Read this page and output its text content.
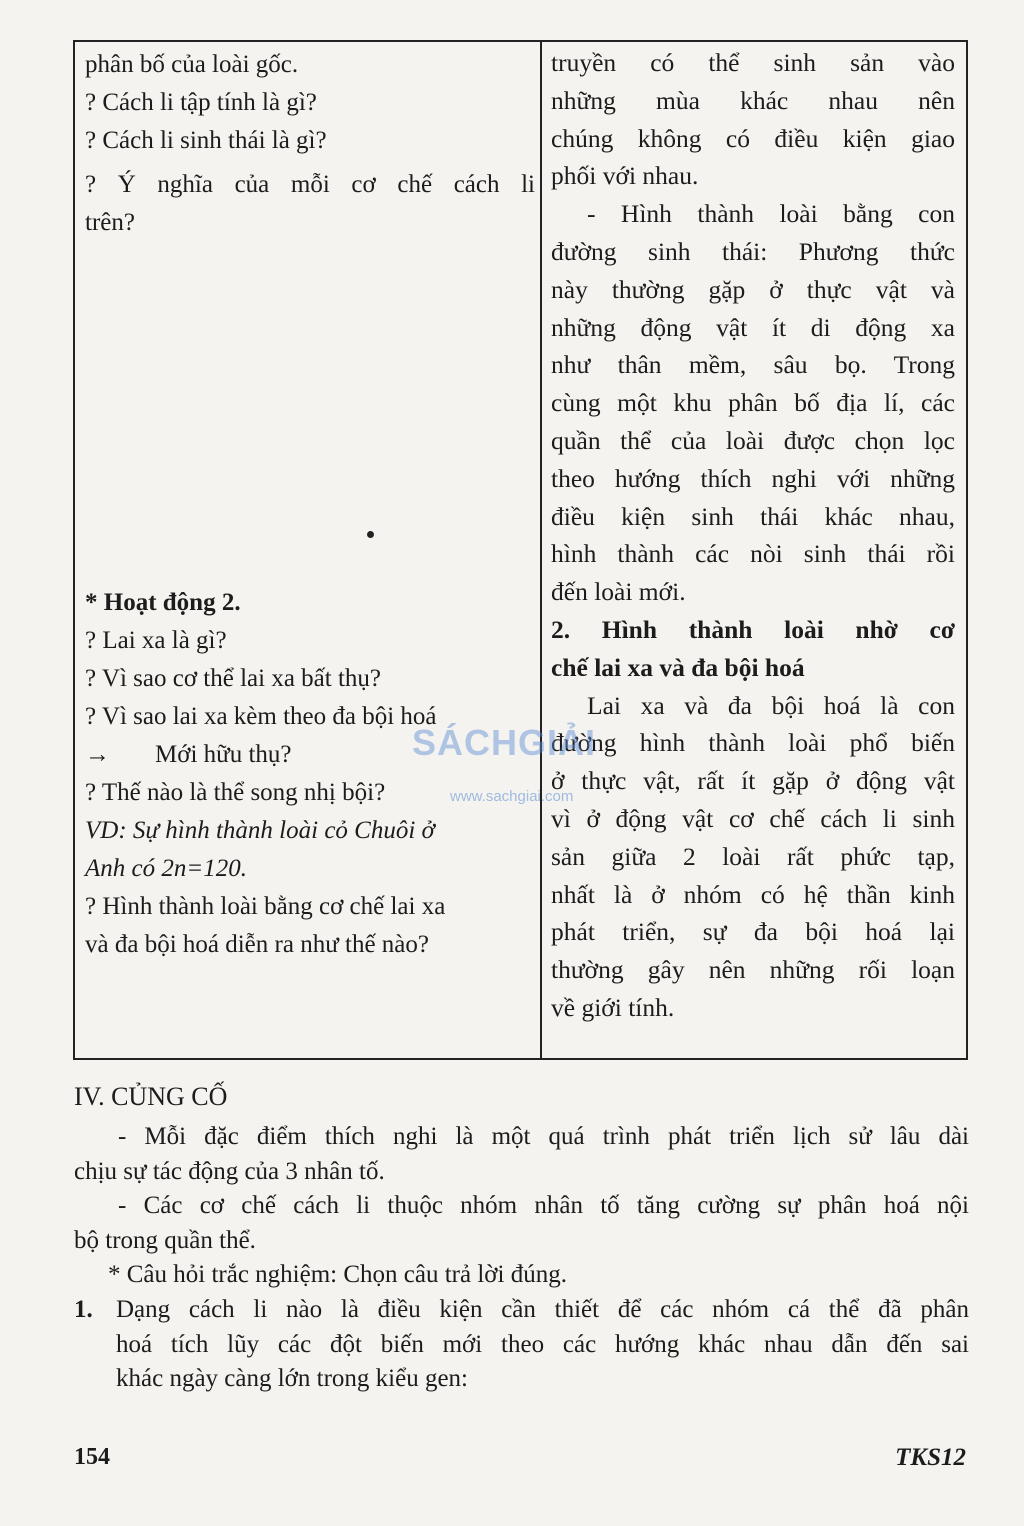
phân bố của loài gốc.
? Cách li tập tính là gì?
? Cách li sinh thái là gì?
? Ý nghĩa của mỗi cơ chế cách li
trên?
* Hoạt động 2.
? Lai xa là gì?
? Vì sao cơ thể lai xa bất thụ?
? Vì sao lai xa kèm theo đa bội hoá
→ Mới hữu thụ?
? Thế nào là thể song nhị bội?
VD: Sự hình thành loài cỏ Chuôi ở
Anh có 2n=120.
? Hình thành loài bằng cơ chế lai xa
và đa bội hoá diễn ra như thế nào?
truyền có thể sinh sản vào
những mùa khác nhau nên
chúng không có điều kiện giao
phối với nhau.
- Hình thành loài bằng con
đường sinh thái: Phương thức
này thường gặp ở thực vật và
những động vật ít di động xa
như thân mềm, sâu bọ. Trong
cùng một khu phân bố địa lí, các
quần thể của loài được chọn lọc
theo hướng thích nghi với những
điều kiện sinh thái khác nhau,
hình thành các nòi sinh thái rồi
đến loài mới.
2. Hình thành loài nhờ cơ
chế lai xa và đa bội hoá
Lai xa và đa bội hoá là con
đường hình thành loài phổ biến
ở thực vật, rất ít gặp ở động vật
vì ở động vật cơ chế cách li sinh
sản giữa 2 loài rất phức tạp,
nhất là ở nhóm có hệ thần kinh
phát triển, sự đa bội hoá lại
thường gây nên những rối loạn
về giới tính.
SÁCHGIẢI
www.sachgiai.com
IV. CỦNG CỐ
- Mỗi đặc điểm thích nghi là một quá trình phát triển lịch sử lâu dài
chịu sự tác động của 3 nhân tố.
- Các cơ chế cách li thuộc nhóm nhân tố tăng cường sự phân hoá nội
bộ trong quần thể.
* Câu hỏi trắc nghiệm: Chọn câu trả lời đúng.
1. Dạng cách li nào là điều kiện cần thiết để các nhóm cá thể đã phân
hoá tích lũy các đột biến mới theo các hướng khác nhau dẫn đến sai
khác ngày càng lớn trong kiểu gen:
154	TKS12
